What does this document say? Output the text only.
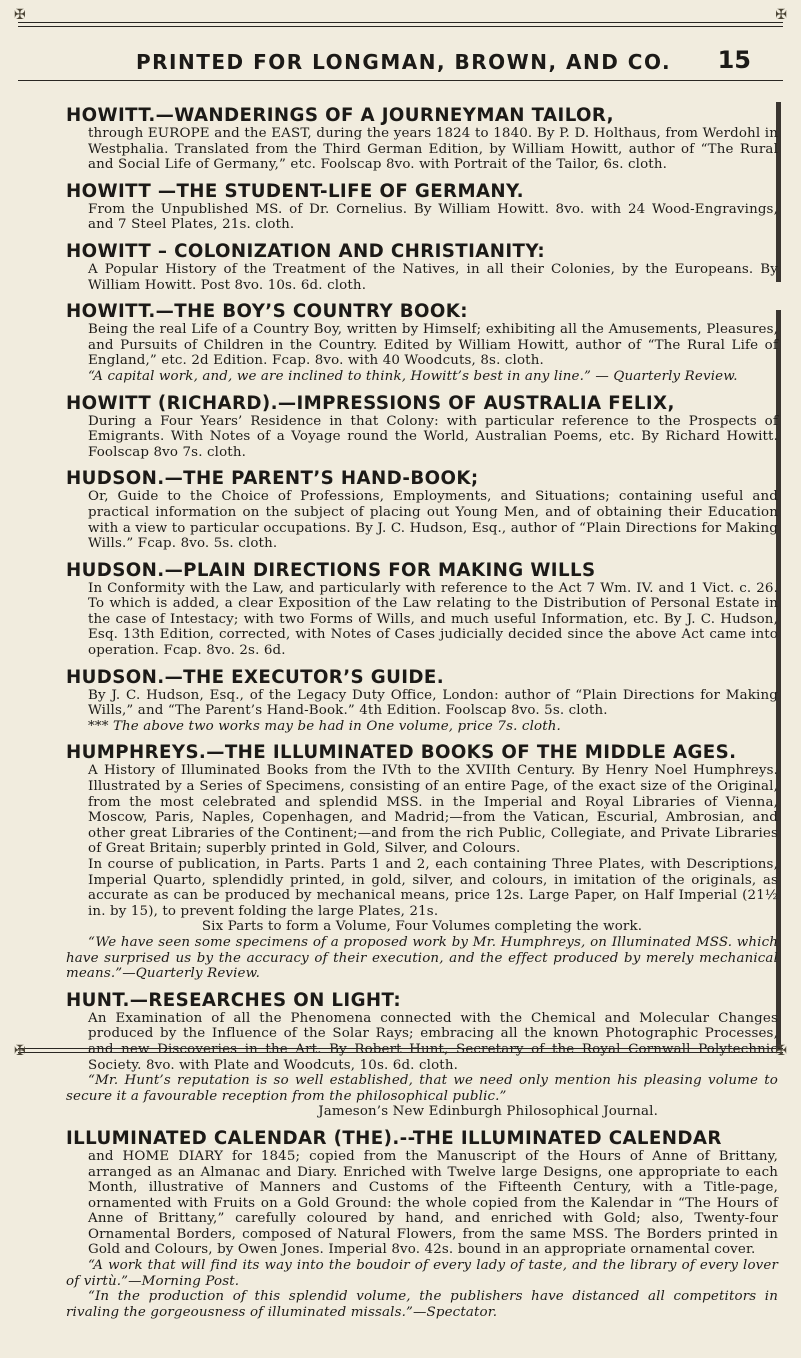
✠	✠
PRINTED FOR LONGMAN, BROWN, AND CO. 15
HOWITT.—WANDERINGS OF A JOURNEYMAN TAILOR,
through EUROPE and the EAST, during the years 1824 to 1840. By P. D. Holthaus, from Werdohl in Westphalia. Translated from the Third German Edition, by William Howitt, author of “The Rural and Social Life of Germany,” etc. Foolscap 8vo. with Portrait of the Tailor, 6s. cloth.
HOWITT —THE STUDENT-LIFE OF GERMANY.
From the Unpublished MS. of Dr. Cornelius. By William Howitt. 8vo. with 24 Wood-Engravings, and 7 Steel Plates, 21s. cloth.
HOWITT – COLONIZATION AND CHRISTIANITY:
A Popular History of the Treatment of the Natives, in all their Colonies, by the Europeans. By William Howitt. Post 8vo. 10s. 6d. cloth.
HOWITT.—THE BOY’S COUNTRY BOOK:
Being the real Life of a Country Boy, written by Himself; exhibiting all the Amusements, Pleasures, and Pursuits of Children in the Country. Edited by William Howitt, author of “The Rural Life of England,” etc. 2d Edition. Fcap. 8vo. with 40 Woodcuts, 8s. cloth.
“A capital work, and, we are inclined to think, Howitt’s best in any line.” — Quarterly Review.
HOWITT (RICHARD).—IMPRESSIONS OF AUSTRALIA FELIX,
During a Four Years’ Residence in that Colony: with particular reference to the Prospects of Emigrants. With Notes of a Voyage round the World, Australian Poems, etc. By Richard Howitt. Foolscap 8vo 7s. cloth.
HUDSON.—THE PARENT’S HAND-BOOK;
Or, Guide to the Choice of Professions, Employments, and Situations; containing useful and practical information on the subject of placing out Young Men, and of obtaining their Education with a view to particular occupations. By J. C. Hudson, Esq., author of “Plain Directions for Making Wills.” Fcap. 8vo. 5s. cloth.
HUDSON.—PLAIN DIRECTIONS FOR MAKING WILLS
In Conformity with the Law, and particularly with reference to the Act 7 Wm. IV. and 1 Vict. c. 26. To which is added, a clear Exposition of the Law relating to the Distribution of Personal Estate in the case of Intestacy; with two Forms of Wills, and much useful Information, etc. By J. C. Hudson, Esq. 13th Edition, corrected, with Notes of Cases judicially decided since the above Act came into operation. Fcap. 8vo. 2s. 6d.
HUDSON.—THE EXECUTOR’S GUIDE.
By J. C. Hudson, Esq., of the Legacy Duty Office, London: author of “Plain Directions for Making Wills,” and “The Parent’s Hand-Book.” 4th Edition. Foolscap 8vo. 5s. cloth.
*** The above two works may be had in One volume, price 7s. cloth.
HUMPHREYS.—THE ILLUMINATED BOOKS OF THE MIDDLE AGES.
A History of Illuminated Books from the IVth to the XVIIth Century. By Henry Noel Humphreys. Illustrated by a Series of Specimens, consisting of an entire Page, of the exact size of the Original, from the most celebrated and splendid MSS. in the Imperial and Royal Libraries of Vienna, Moscow, Paris, Naples, Copenhagen, and Madrid;—from the Vatican, Escurial, Ambrosian, and other great Libraries of the Continent;—and from the rich Public, Collegiate, and Private Libraries of Great Britain; superbly printed in Gold, Silver, and Colours.
In course of publication, in Parts. Parts 1 and 2, each containing Three Plates, with Descriptions, Imperial Quarto, splendidly printed, in gold, silver, and colours, in imitation of the originals, as accurate as can be produced by mechanical means, price 12s. Large Paper, on Half Imperial (21½ in. by 15), to prevent folding the large Plates, 21s.
Six Parts to form a Volume, Four Volumes completing the work.
“We have seen some specimens of a proposed work by Mr. Humphreys, on Illuminated MSS. which have surprised us by the accuracy of their execution, and the effect produced by merely mechanical means.”—Quarterly Review.
HUNT.—RESEARCHES ON LIGHT:
An Examination of all the Phenomena connected with the Chemical and Molecular Changes produced by the Influence of the Solar Rays; embracing all the known Photographic Processes, and new Discoveries in the Art. By Robert Hunt, Secretary of the Royal Cornwall Polytechnic Society. 8vo. with Plate and Woodcuts, 10s. 6d. cloth.
“Mr. Hunt’s reputation is so well established, that we need only mention his pleasing volume to secure it a favourable reception from the philosophical public.”
Jameson’s New Edinburgh Philosophical Journal.
ILLUMINATED CALENDAR (THE).--THE ILLUMINATED CALENDAR
and HOME DIARY for 1845; copied from the Manuscript of the Hours of Anne of Brittany, arranged as an Almanac and Diary. Enriched with Twelve large Designs, one appropriate to each Month, illustrative of Manners and Customs of the Fifteenth Century, with a Title-page, ornamented with Fruits on a Gold Ground: the whole copied from the Kalendar in “The Hours of Anne of Brittany,” carefully coloured by hand, and enriched with Gold; also, Twenty-four Ornamental Borders, composed of Natural Flowers, from the same MSS. The Borders printed in Gold and Colours, by Owen Jones. Imperial 8vo. 42s. bound in an appropriate ornamental cover.
“A work that will find its way into the boudoir of every lady of taste, and the library of every lover of virtù.”—Morning Post.
“In the production of this splendid volume, the publishers have distanced all competitors in rivaling the gorgeousness of illuminated missals.”—Spectator.
✠	✠
